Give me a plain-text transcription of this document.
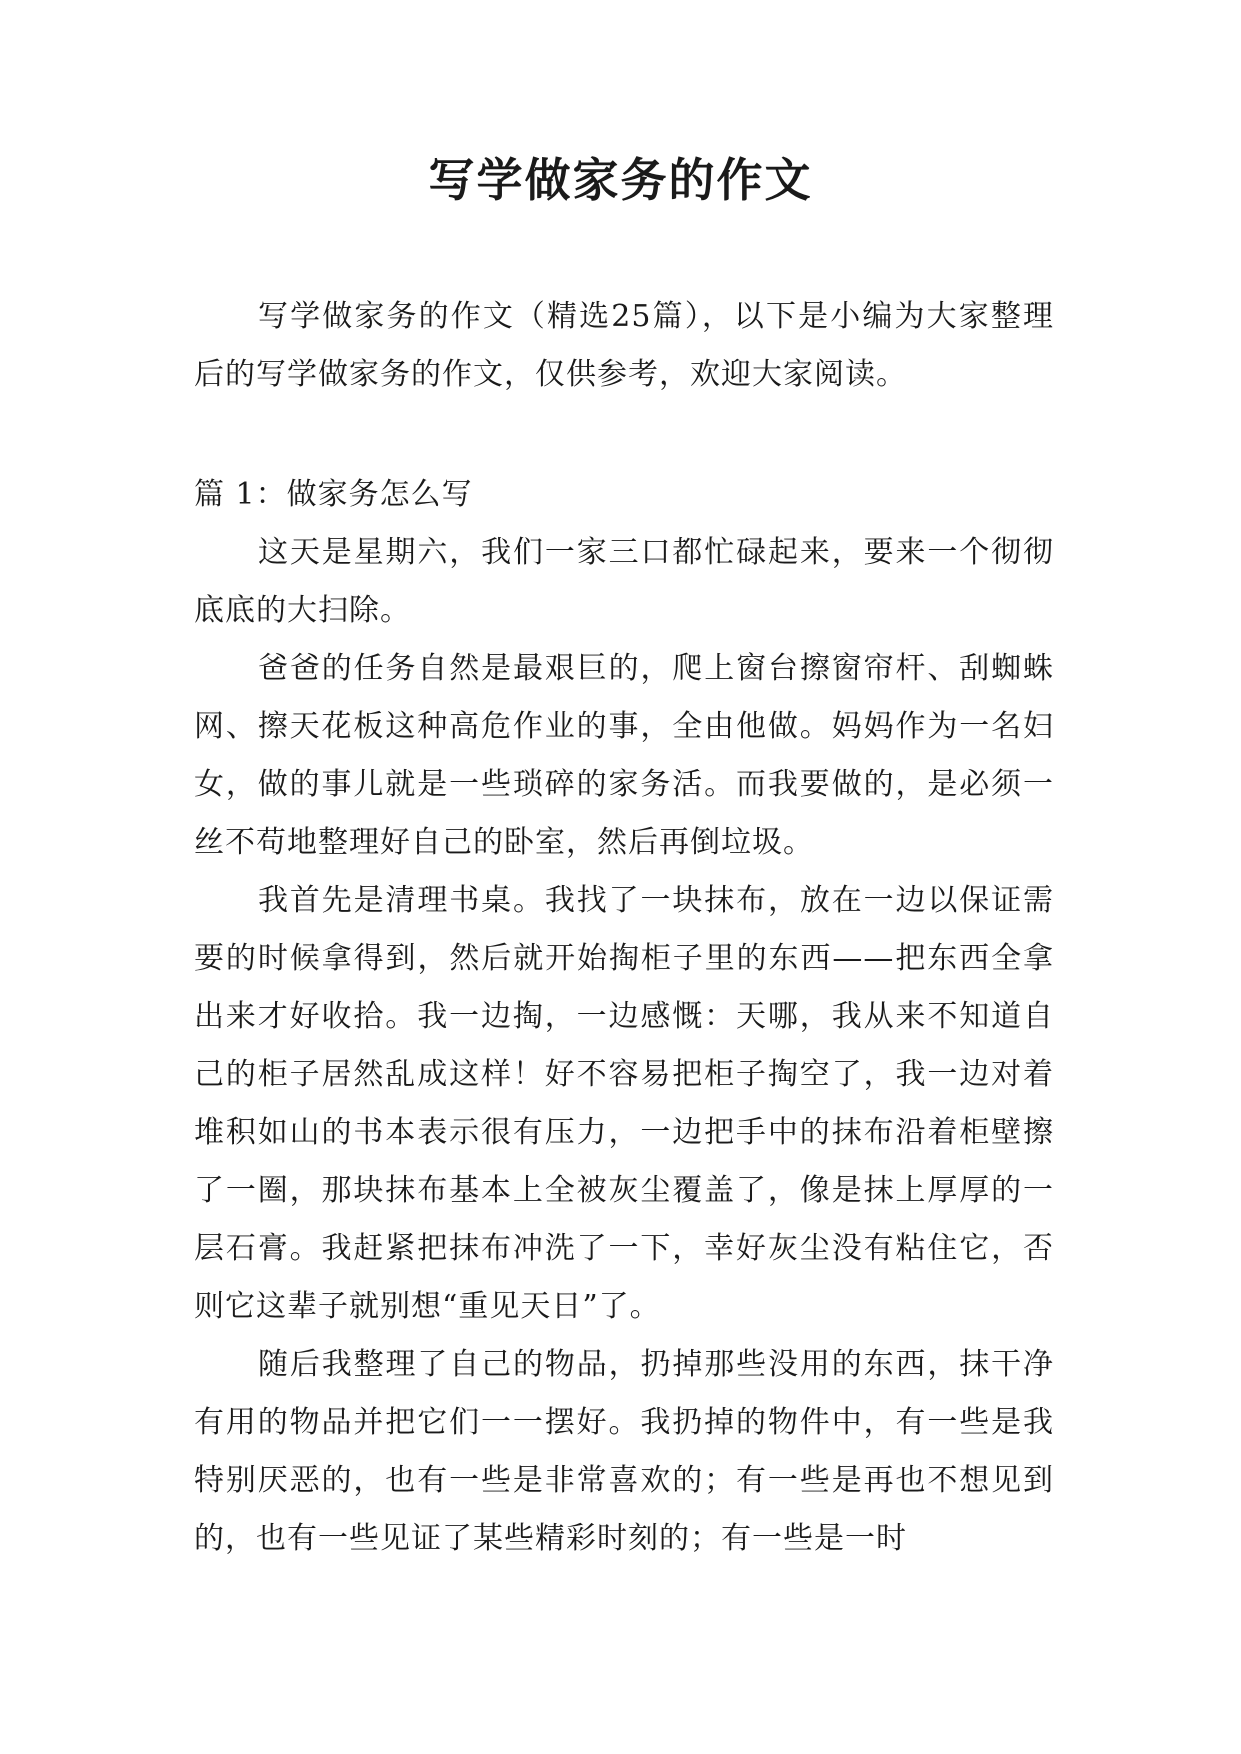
写学做家务的作文

写学做家务的作文（精选25篇），以下是小编为大家整理后的写学做家务的作文，仅供参考，欢迎大家阅读。

篇 1：做家务怎么写

这天是星期六，我们一家三口都忙碌起来，要来一个彻彻底底的大扫除。

爸爸的任务自然是最艰巨的，爬上窗台擦窗帘杆、刮蜘蛛网、擦天花板这种高危作业的事，全由他做。妈妈作为一名妇女，做的事儿就是一些琐碎的家务活。而我要做的，是必须一丝不苟地整理好自己的卧室，然后再倒垃圾。

我首先是清理书桌。我找了一块抹布，放在一边以保证需要的时候拿得到，然后就开始掏柜子里的东西——把东西全拿出来才好收拾。我一边掏，一边感慨：天哪，我从来不知道自己的柜子居然乱成这样！好不容易把柜子掏空了，我一边对着堆积如山的书本表示很有压力，一边把手中的抹布沿着柜壁擦了一圈，那块抹布基本上全被灰尘覆盖了，像是抹上厚厚的一层石膏。我赶紧把抹布冲洗了一下，幸好灰尘没有粘住它，否则它这辈子就别想“重见天日”了。

随后我整理了自己的物品，扔掉那些没用的东西，抹干净有用的物品并把它们一一摆好。我扔掉的物件中，有一些是我特别厌恶的，也有一些是非常喜欢的；有一些是再也不想见到的，也有一些见证了某些精彩时刻的；有一些是一时
